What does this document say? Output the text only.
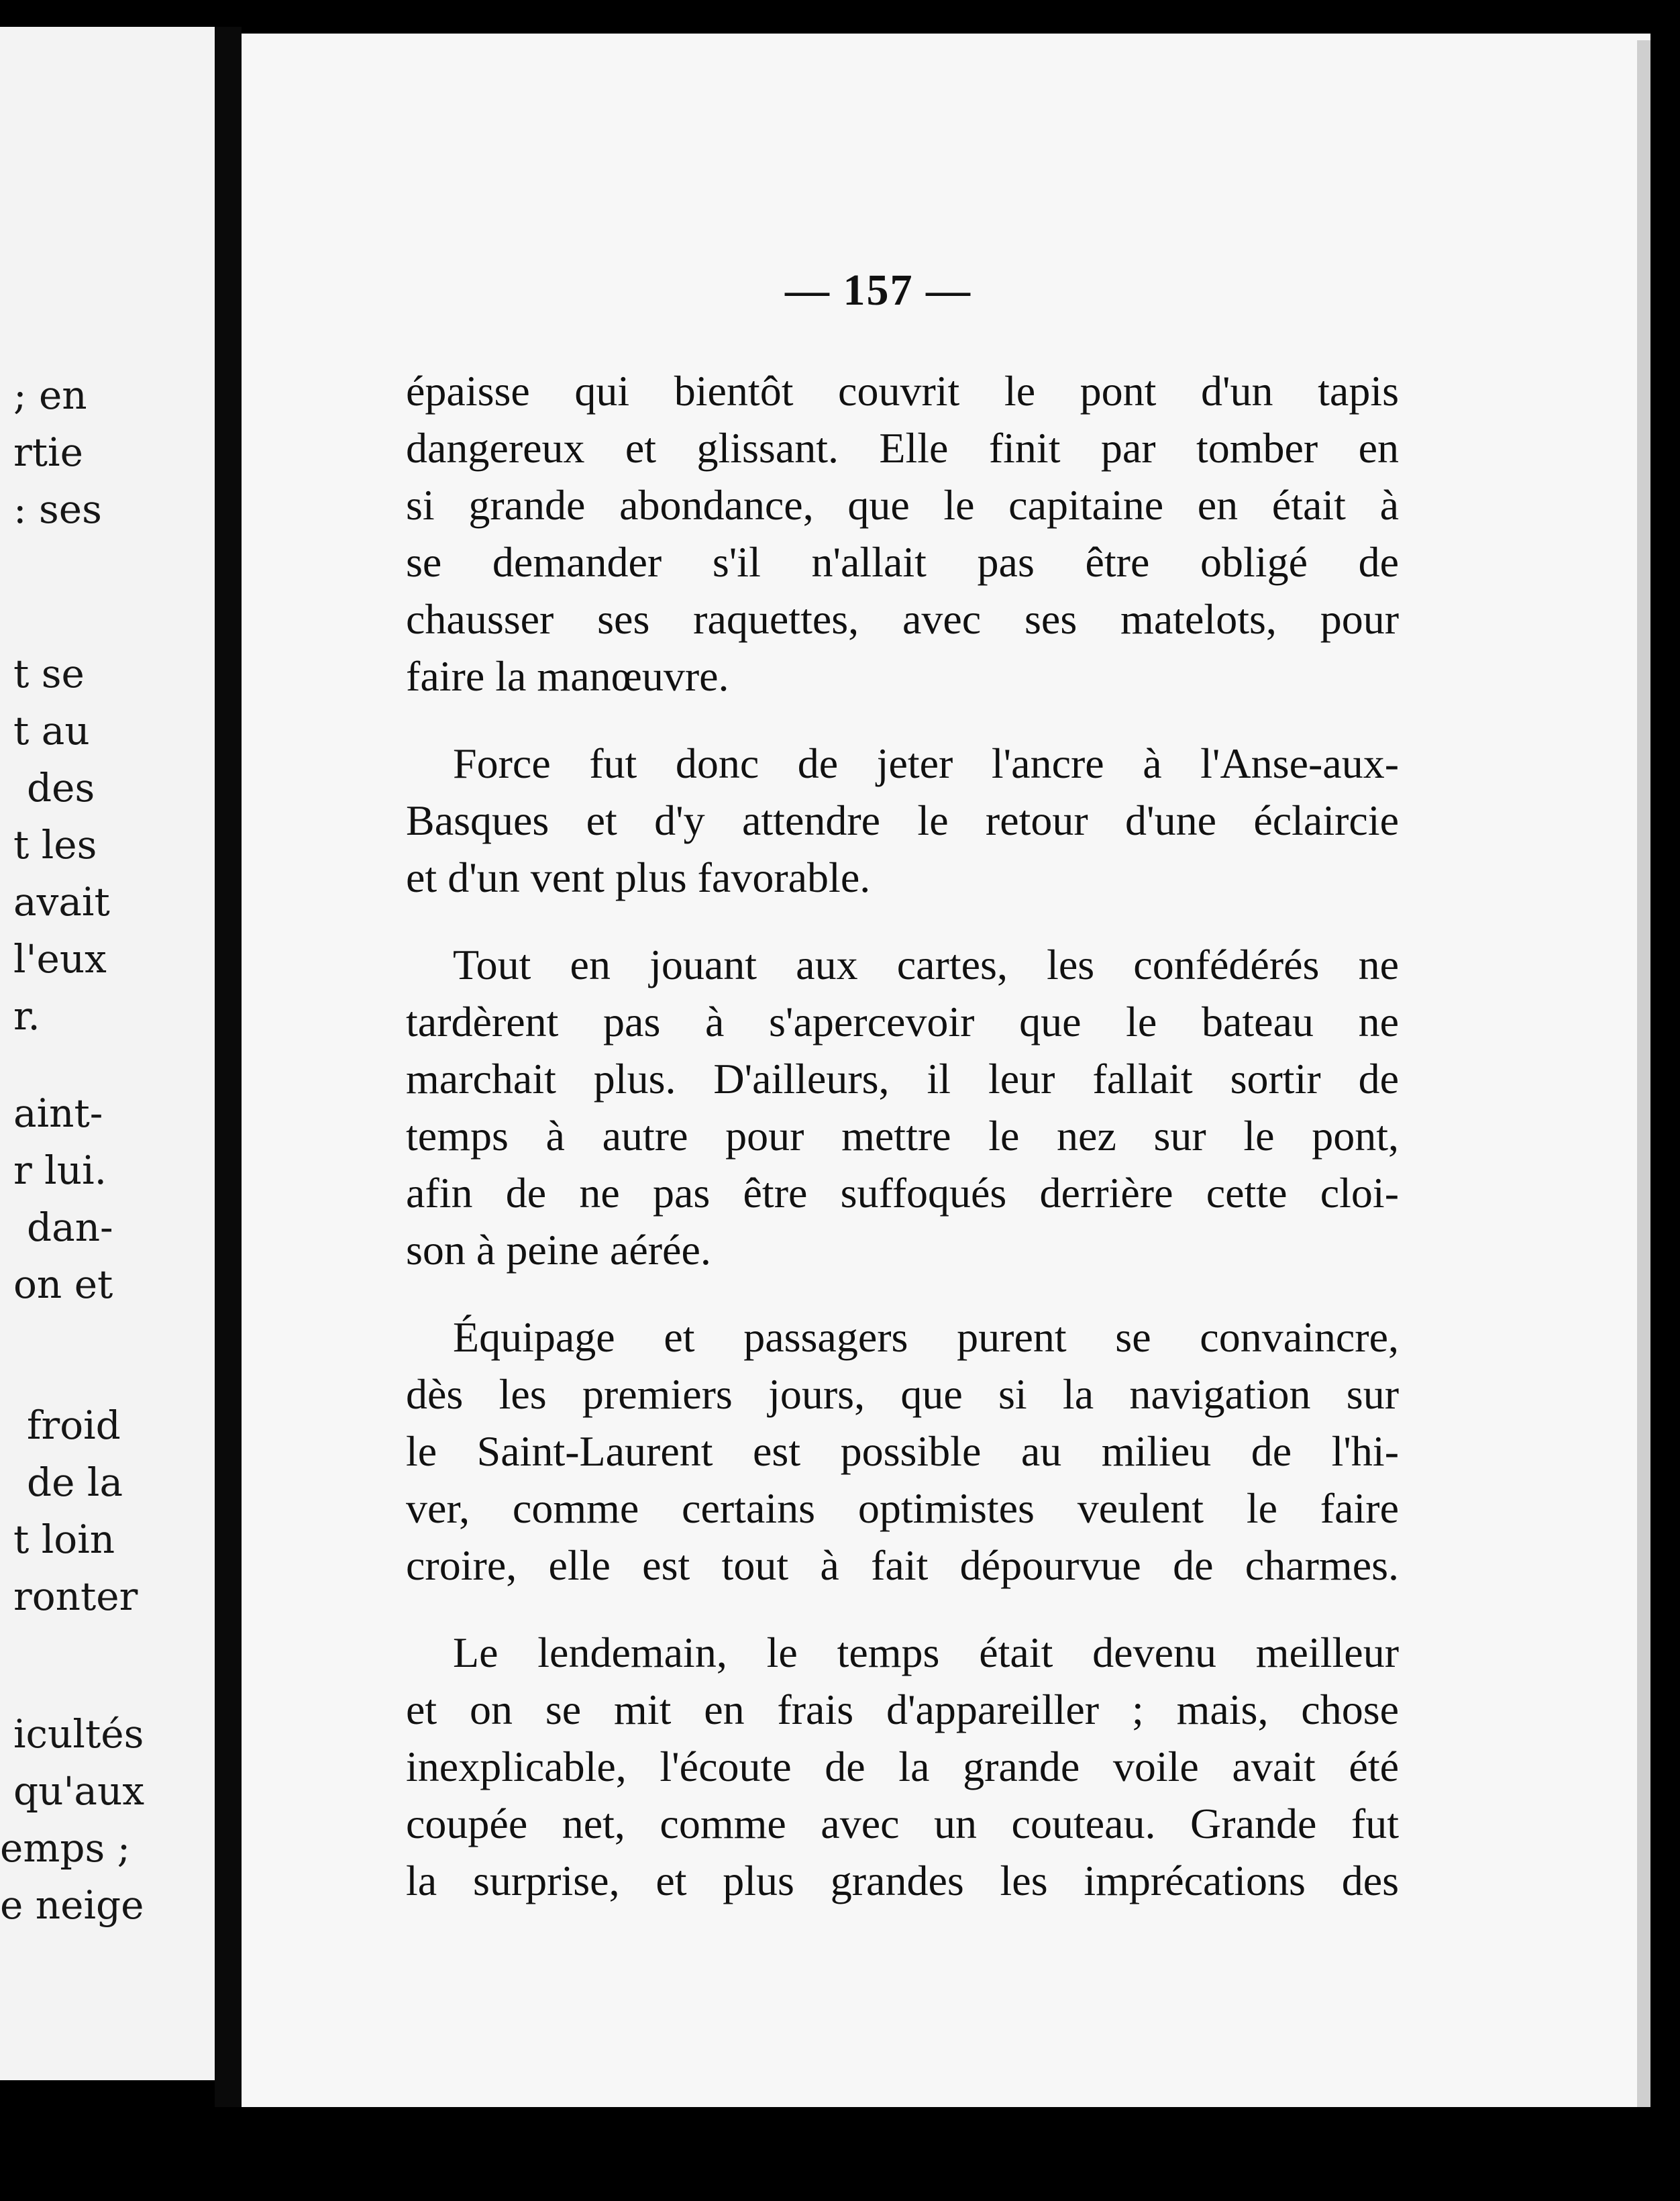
; en
rtie
: ses
t se
t au
des
t les
avait
l'eux
r.
aint-
r lui.
dan-
on et
froid
de la
t loin
ronter
icultés
qu'aux
emps ;
e neige
— 157 —
épaisse qui bientôt couvrit le pont d'un tapis
dangereux et glissant. Elle finit par tomber en
si grande abondance, que le capitaine en était à
se demander s'il n'allait pas être obligé de
chausser ses raquettes, avec ses matelots, pour
faire la manœuvre.
Force fut donc de jeter l'ancre à l'Anse-aux-
Basques et d'y attendre le retour d'une éclaircie
et d'un vent plus favorable.
Tout en jouant aux cartes, les confédérés ne
tardèrent pas à s'apercevoir que le bateau ne
marchait plus. D'ailleurs, il leur fallait sortir de
temps à autre pour mettre le nez sur le pont,
afin de ne pas être suffoqués derrière cette cloi-
son à peine aérée.
Équipage et passagers purent se convaincre,
dès les premiers jours, que si la navigation sur
le Saint-Laurent est possible au milieu de l'hi-
ver, comme certains optimistes veulent le faire
croire, elle est tout à fait dépourvue de charmes.
Le lendemain, le temps était devenu meilleur
et on se mit en frais d'appareiller ; mais, chose
inexplicable, l'écoute de la grande voile avait été
coupée net, comme avec un couteau. Grande fut
la surprise, et plus grandes les imprécations des
